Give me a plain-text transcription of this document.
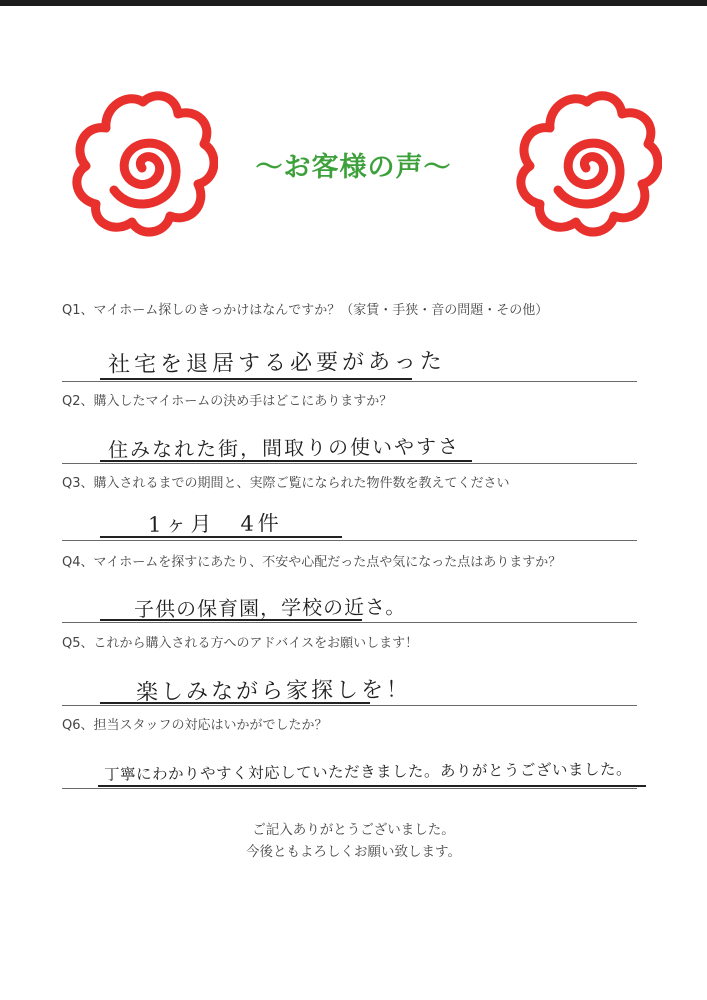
～お客様の声～
Q1、マイホーム探しのきっかけはなんですか？（家賃・手狭・音の問題・その他）
社宅を退居する必要があった
Q2、購入したマイホームの決め手はどこにありますか？
住みなれた街，間取りの使いやすさ
Q3、購入されるまでの期間と、実際ご覧になられた物件数を教えてください
1ヶ月　4件
Q4、マイホームを探すにあたり、不安や心配だった点や気になった点はありますか？
子供の保育園，学校の近さ。
Q5、これから購入される方へのアドバイスをお願いします！
楽しみながら家探しを！
Q6、担当スタッフの対応はいかがでしたか？
丁寧にわかりやすく対応していただきました。ありがとうございました。
ご記入ありがとうございました。
今後ともよろしくお願い致します。
